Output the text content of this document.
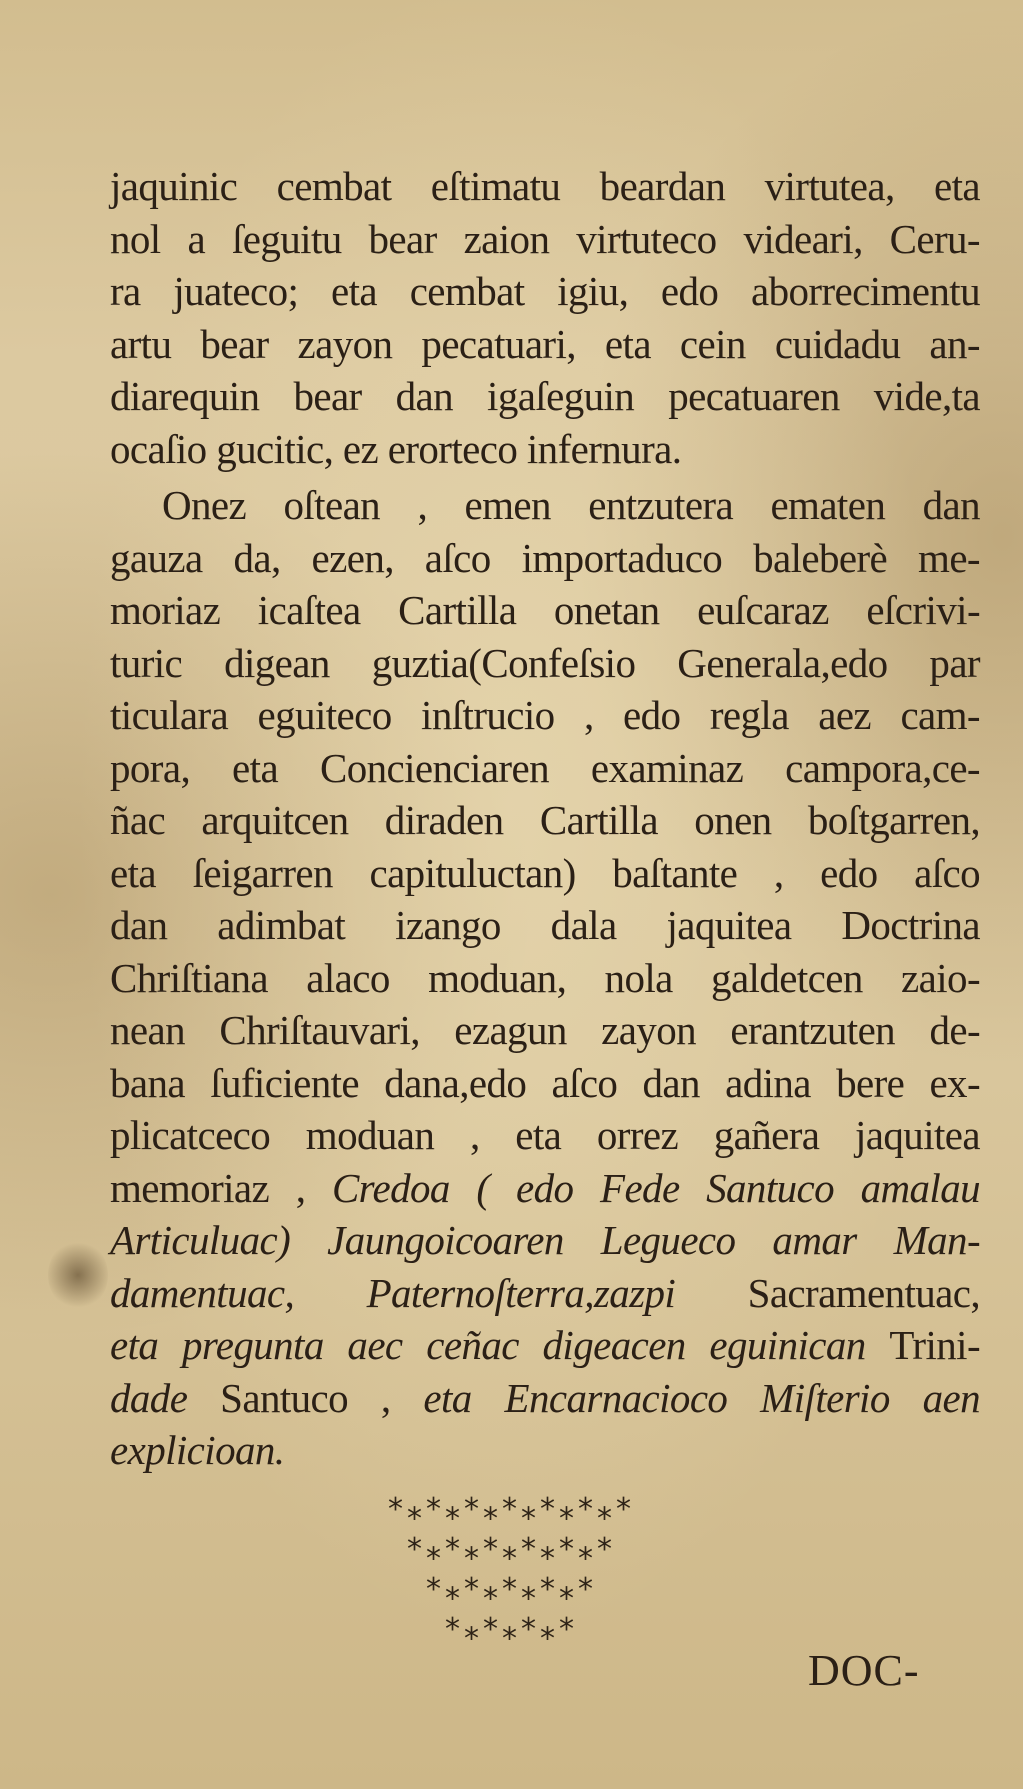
jaquinic cembat eſtimatu beardan virtutea, eta
nol a ſeguitu bear zaion virtuteco videari, Ceru-
ra juateco; eta cembat igiu, edo aborrecimentu
artu bear zayon pecatuari, eta cein cuidadu an-
diarequin bear dan igaſeguin pecatuaren vide,ta
ocaſio gucitic, ez erorteco infernura.
Onez oſtean , emen entzutera ematen dan
gauza da, ezen, aſco importaduco baleberè me-
moriaz icaſtea Cartilla onetan euſcaraz eſcrivi-
turic digean guztia(Confeſsio Generala,edo par
ticulara eguiteco inſtrucio , edo regla aez cam-
pora, eta Concienciaren examinaz campora,ce-
ñac arquitcen diraden Cartilla onen boſtgarren,
eta ſeigarren capituluctan) baſtante , edo aſco
dan adimbat izango dala jaquitea Doctrina
Chriſtiana alaco moduan, nola galdetcen zaio-
nean Chriſtauvari, ezagun zayon erantzuten de-
bana ſuficiente dana,edo aſco dan adina bere ex-
plicatceco moduan , eta orrez gañera jaquitea
memoriaz , Credoa ( edo Fede Santuco amalau
Articuluac) Jaungoicoaren Legueco amar Man-
damentuac, Paternoſterra,zazpi Sacramentuac,
eta pregunta aec ceñac digeacen eguinican Trini-
dade Santuco , eta Encarnacioco Miſterio aen
explicioan.
*⁎*⁎*⁎*⁎*⁎*⁎*
*⁎*⁎*⁎*⁎*⁎*
*⁎*⁎*⁎*⁎*
*⁎*⁎*⁎*
DOC-
